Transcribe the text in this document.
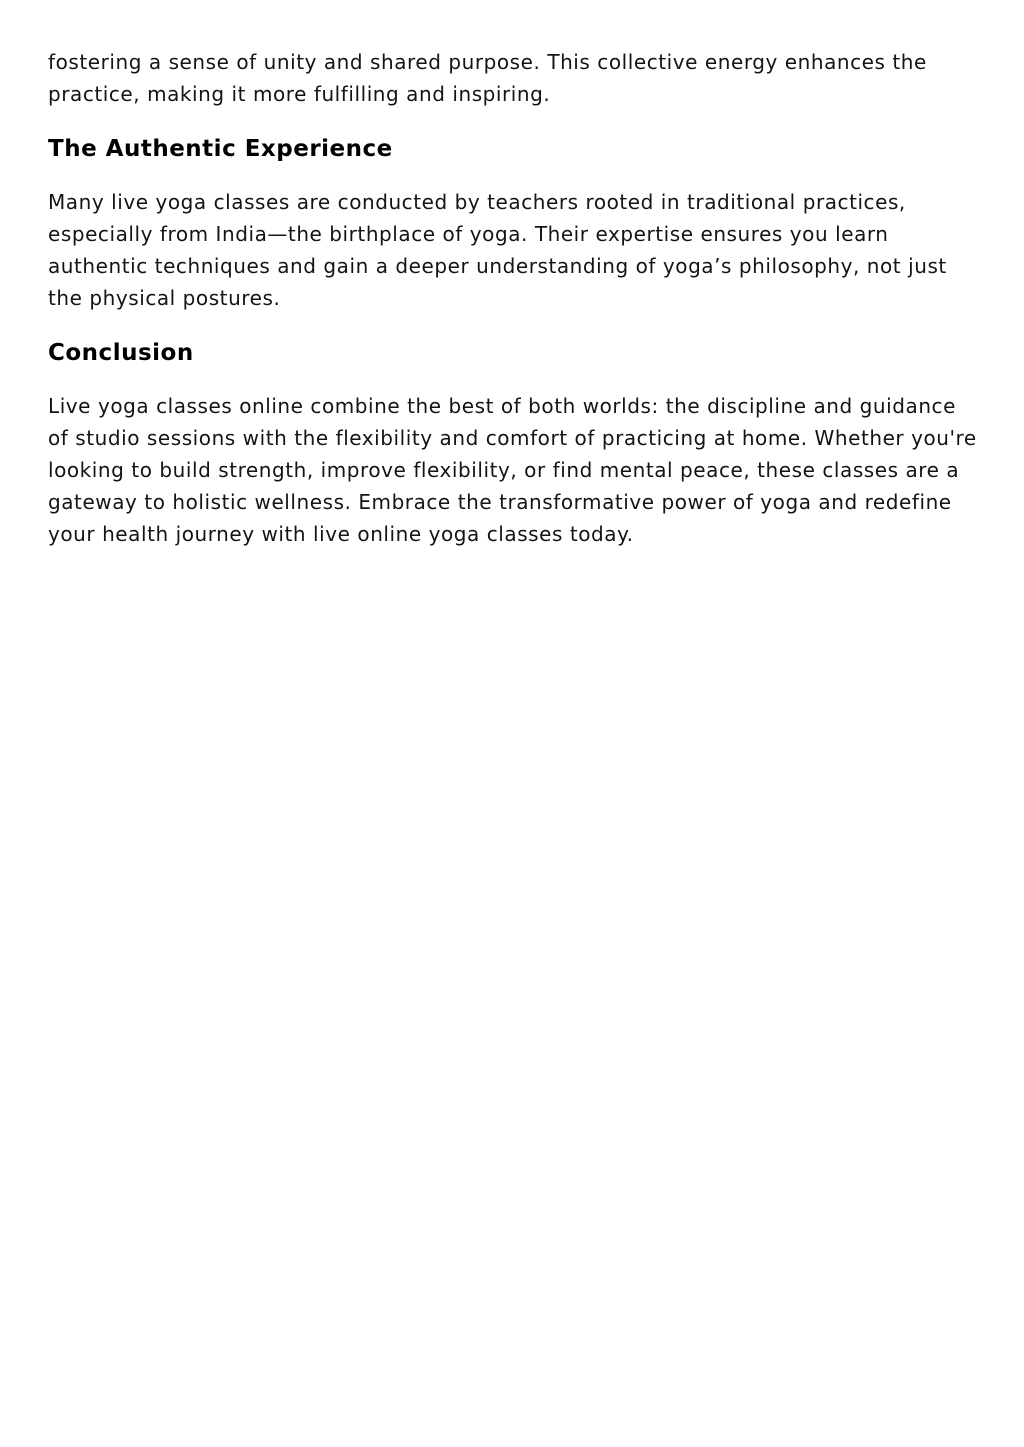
fostering a sense of unity and shared purpose. This collective energy enhances the practice, making it more fulfilling and inspiring.

The Authentic Experience

Many live yoga classes are conducted by teachers rooted in traditional practices, especially from India—the birthplace of yoga. Their expertise ensures you learn authentic techniques and gain a deeper understanding of yoga’s philosophy, not just the physical postures.

Conclusion

Live yoga classes online combine the best of both worlds: the discipline and guidance of studio sessions with the flexibility and comfort of practicing at home. Whether you're looking to build strength, improve flexibility, or find mental peace, these classes are a gateway to holistic wellness. Embrace the transformative power of yoga and redefine your health journey with live online yoga classes today.
